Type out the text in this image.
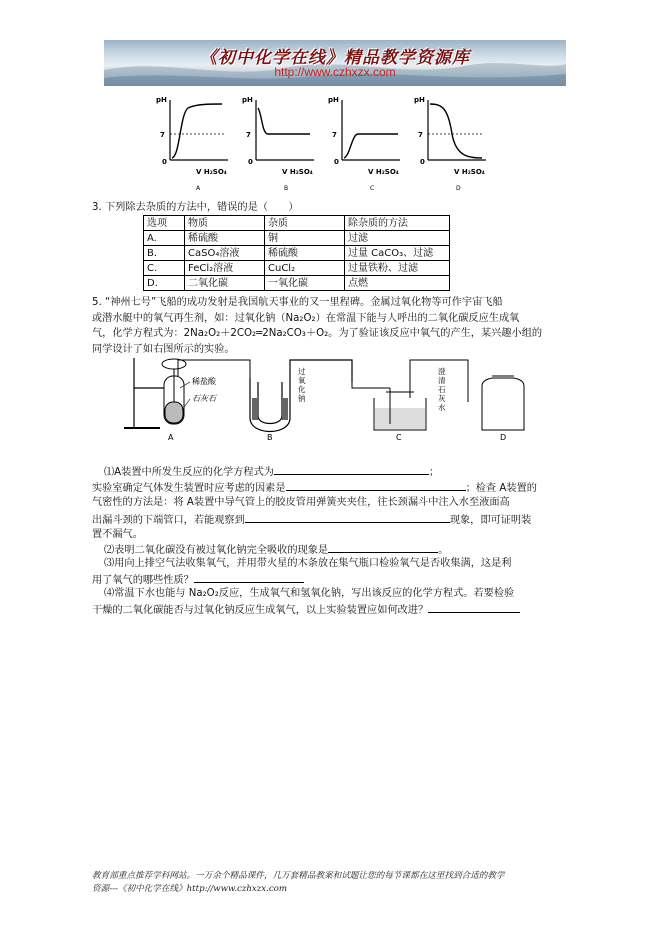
《初中化学在线》精品教学资源库
http://www.czhxzx.com
pH
7
0
V H₂SO₄
A
pH
7
0
V H₂SO₄
B
pH
7
0
V H₂SO₄
C
pH
7
0
V H₂SO₄
D
3. 下列除去杂质的方法中，错误的是（　　）
选项	物质	杂质	除杂质的方法
A.	稀硫酸	铜	过滤
B.	CaSO₄溶液	稀硫酸	过量 CaCO₃、过滤
C.	FeCl₂溶液	CuCl₂	过量铁粉、过滤
D.	二氧化碳	一氧化碳	点燃
5. “神州七号”飞船的成功发射是我国航天事业的又一里程碑。金属过氧化物等可作宇宙飞船
或潜水艇中的氧气再生剂，如：过氧化钠（Na₂O₂）在常温下能与人呼出的二氧化碳反应生成氧
气，化学方程式为：2Na₂O₂＋2CO₂═2Na₂CO₃＋O₂。为了验证该反应中氧气的产生，某兴趣小组的
同学设计了如右图所示的实验。
稀盐酸
石灰石
过
氧
化
钠
澄
清
石
灰
水
A	B	C	D
⑴A装置中所发生反应的化学方程式为	；
实验室确定气体发生装置时应考虑的因素是	；检查 A装置的
气密性的方法是：将 A装置中导气管上的胶皮管用弹簧夹夹住，往长颈漏斗中注入水至液面高
出漏斗颈的下端管口，若能观察到	现象，即可证明装
置不漏气。
⑵表明二氧化碳没有被过氧化钠完全吸收的现象是	。
⑶用向上排空气法收集氧气，并用带火星的木条放在集气瓶口检验氧气是否收集满，这是利
用了氧气的哪些性质？
⑷常温下水也能与 Na₂O₂反应，生成氧气和氢氧化钠，写出该反应的化学方程式。若要检验
干燥的二氧化碳能否与过氧化钠反应生成氧气，以上实验装置应如何改进？
教育部重点推荐学科网站。一万余个精品课件，几万套精品教案和试题让您的每节课都在这里找到合适的教学
资源---《初中化学在线》http://www.czhxzx.com
